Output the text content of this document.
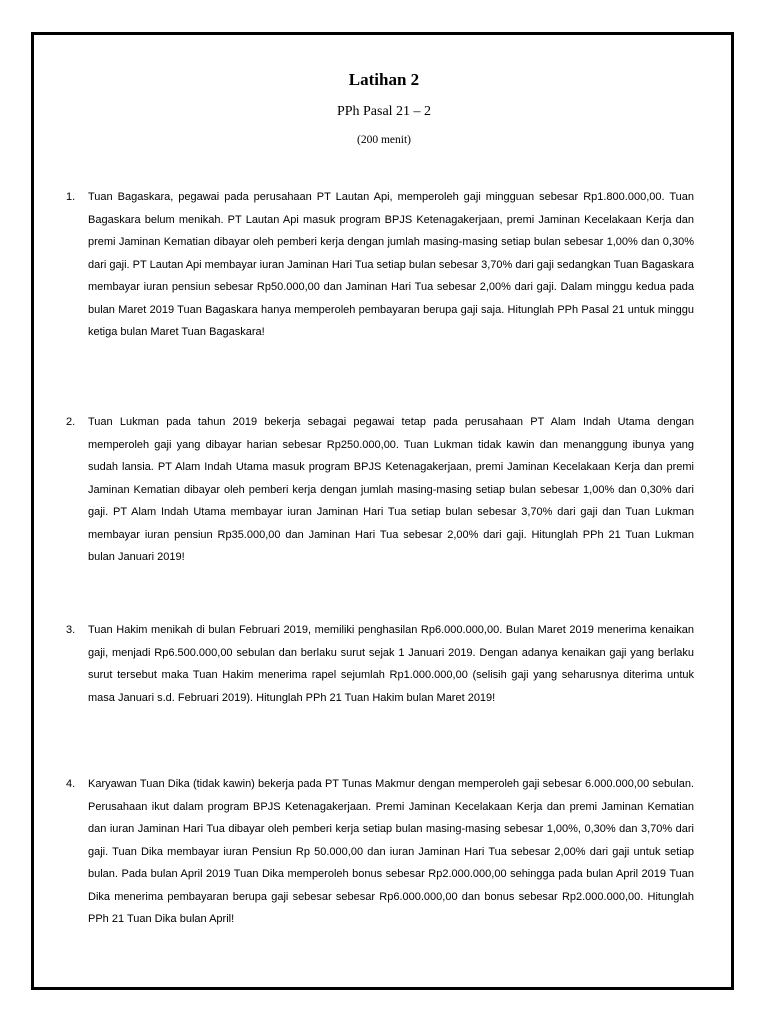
Latihan 2
PPh Pasal 21 – 2
(200 menit)
1.	Tuan Bagaskara, pegawai pada perusahaan PT Lautan Api, memperoleh gaji mingguan sebesar Rp1.800.000,00. Tuan Bagaskara belum menikah. PT Lautan Api masuk program BPJS Ketenagakerjaan, premi Jaminan Kecelakaan Kerja dan premi Jaminan Kematian dibayar oleh pemberi kerja dengan jumlah masing-masing setiap bulan sebesar 1,00% dan 0,30% dari gaji. PT Lautan Api membayar iuran Jaminan Hari Tua setiap bulan sebesar 3,70% dari gaji sedangkan Tuan Bagaskara membayar iuran pensiun sebesar Rp50.000,00 dan Jaminan Hari Tua sebesar 2,00% dari gaji. Dalam minggu kedua pada bulan Maret 2019 Tuan Bagaskara hanya memperoleh pembayaran berupa gaji saja. Hitunglah PPh Pasal 21 untuk minggu ketiga bulan Maret Tuan Bagaskara!
2.	Tuan Lukman pada tahun 2019 bekerja sebagai pegawai tetap pada perusahaan PT Alam Indah Utama dengan memperoleh gaji yang dibayar harian sebesar Rp250.000,00. Tuan Lukman tidak kawin dan menanggung ibunya yang sudah lansia. PT Alam Indah Utama masuk program BPJS Ketenagakerjaan, premi Jaminan Kecelakaan Kerja dan premi Jaminan Kematian dibayar oleh pemberi kerja dengan jumlah masing-masing setiap bulan sebesar 1,00% dan 0,30% dari gaji. PT Alam Indah Utama membayar iuran Jaminan Hari Tua setiap bulan sebesar 3,70% dari gaji dan Tuan Lukman membayar iuran pensiun Rp35.000,00 dan Jaminan Hari Tua sebesar 2,00% dari gaji. Hitunglah PPh 21 Tuan Lukman bulan Januari 2019!
3.	Tuan Hakim menikah di bulan Februari 2019, memiliki penghasilan Rp6.000.000,00. Bulan Maret 2019 menerima kenaikan gaji, menjadi Rp6.500.000,00 sebulan dan berlaku surut sejak 1 Januari 2019. Dengan adanya kenaikan gaji yang berlaku surut tersebut maka Tuan Hakim menerima rapel sejumlah Rp1.000.000,00 (selisih gaji yang seharusnya diterima untuk masa Januari s.d. Februari 2019). Hitunglah PPh 21 Tuan Hakim bulan Maret 2019!
4.	Karyawan Tuan Dika (tidak kawin) bekerja pada PT Tunas Makmur dengan memperoleh gaji sebesar 6.000.000,00 sebulan. Perusahaan ikut dalam program BPJS Ketenagakerjaan. Premi Jaminan Kecelakaan Kerja dan premi Jaminan Kematian dan iuran Jaminan Hari Tua dibayar oleh pemberi kerja setiap bulan masing-masing sebesar 1,00%, 0,30% dan 3,70% dari gaji. Tuan Dika membayar iuran Pensiun Rp 50.000,00 dan iuran Jaminan Hari Tua sebesar 2,00% dari gaji untuk setiap bulan. Pada bulan April 2019 Tuan Dika memperoleh bonus sebesar Rp2.000.000,00 sehingga pada bulan April 2019 Tuan Dika menerima pembayaran berupa gaji sebesar sebesar Rp6.000.000,00 dan bonus sebesar Rp2.000.000,00. Hitunglah PPh 21 Tuan Dika bulan April!
